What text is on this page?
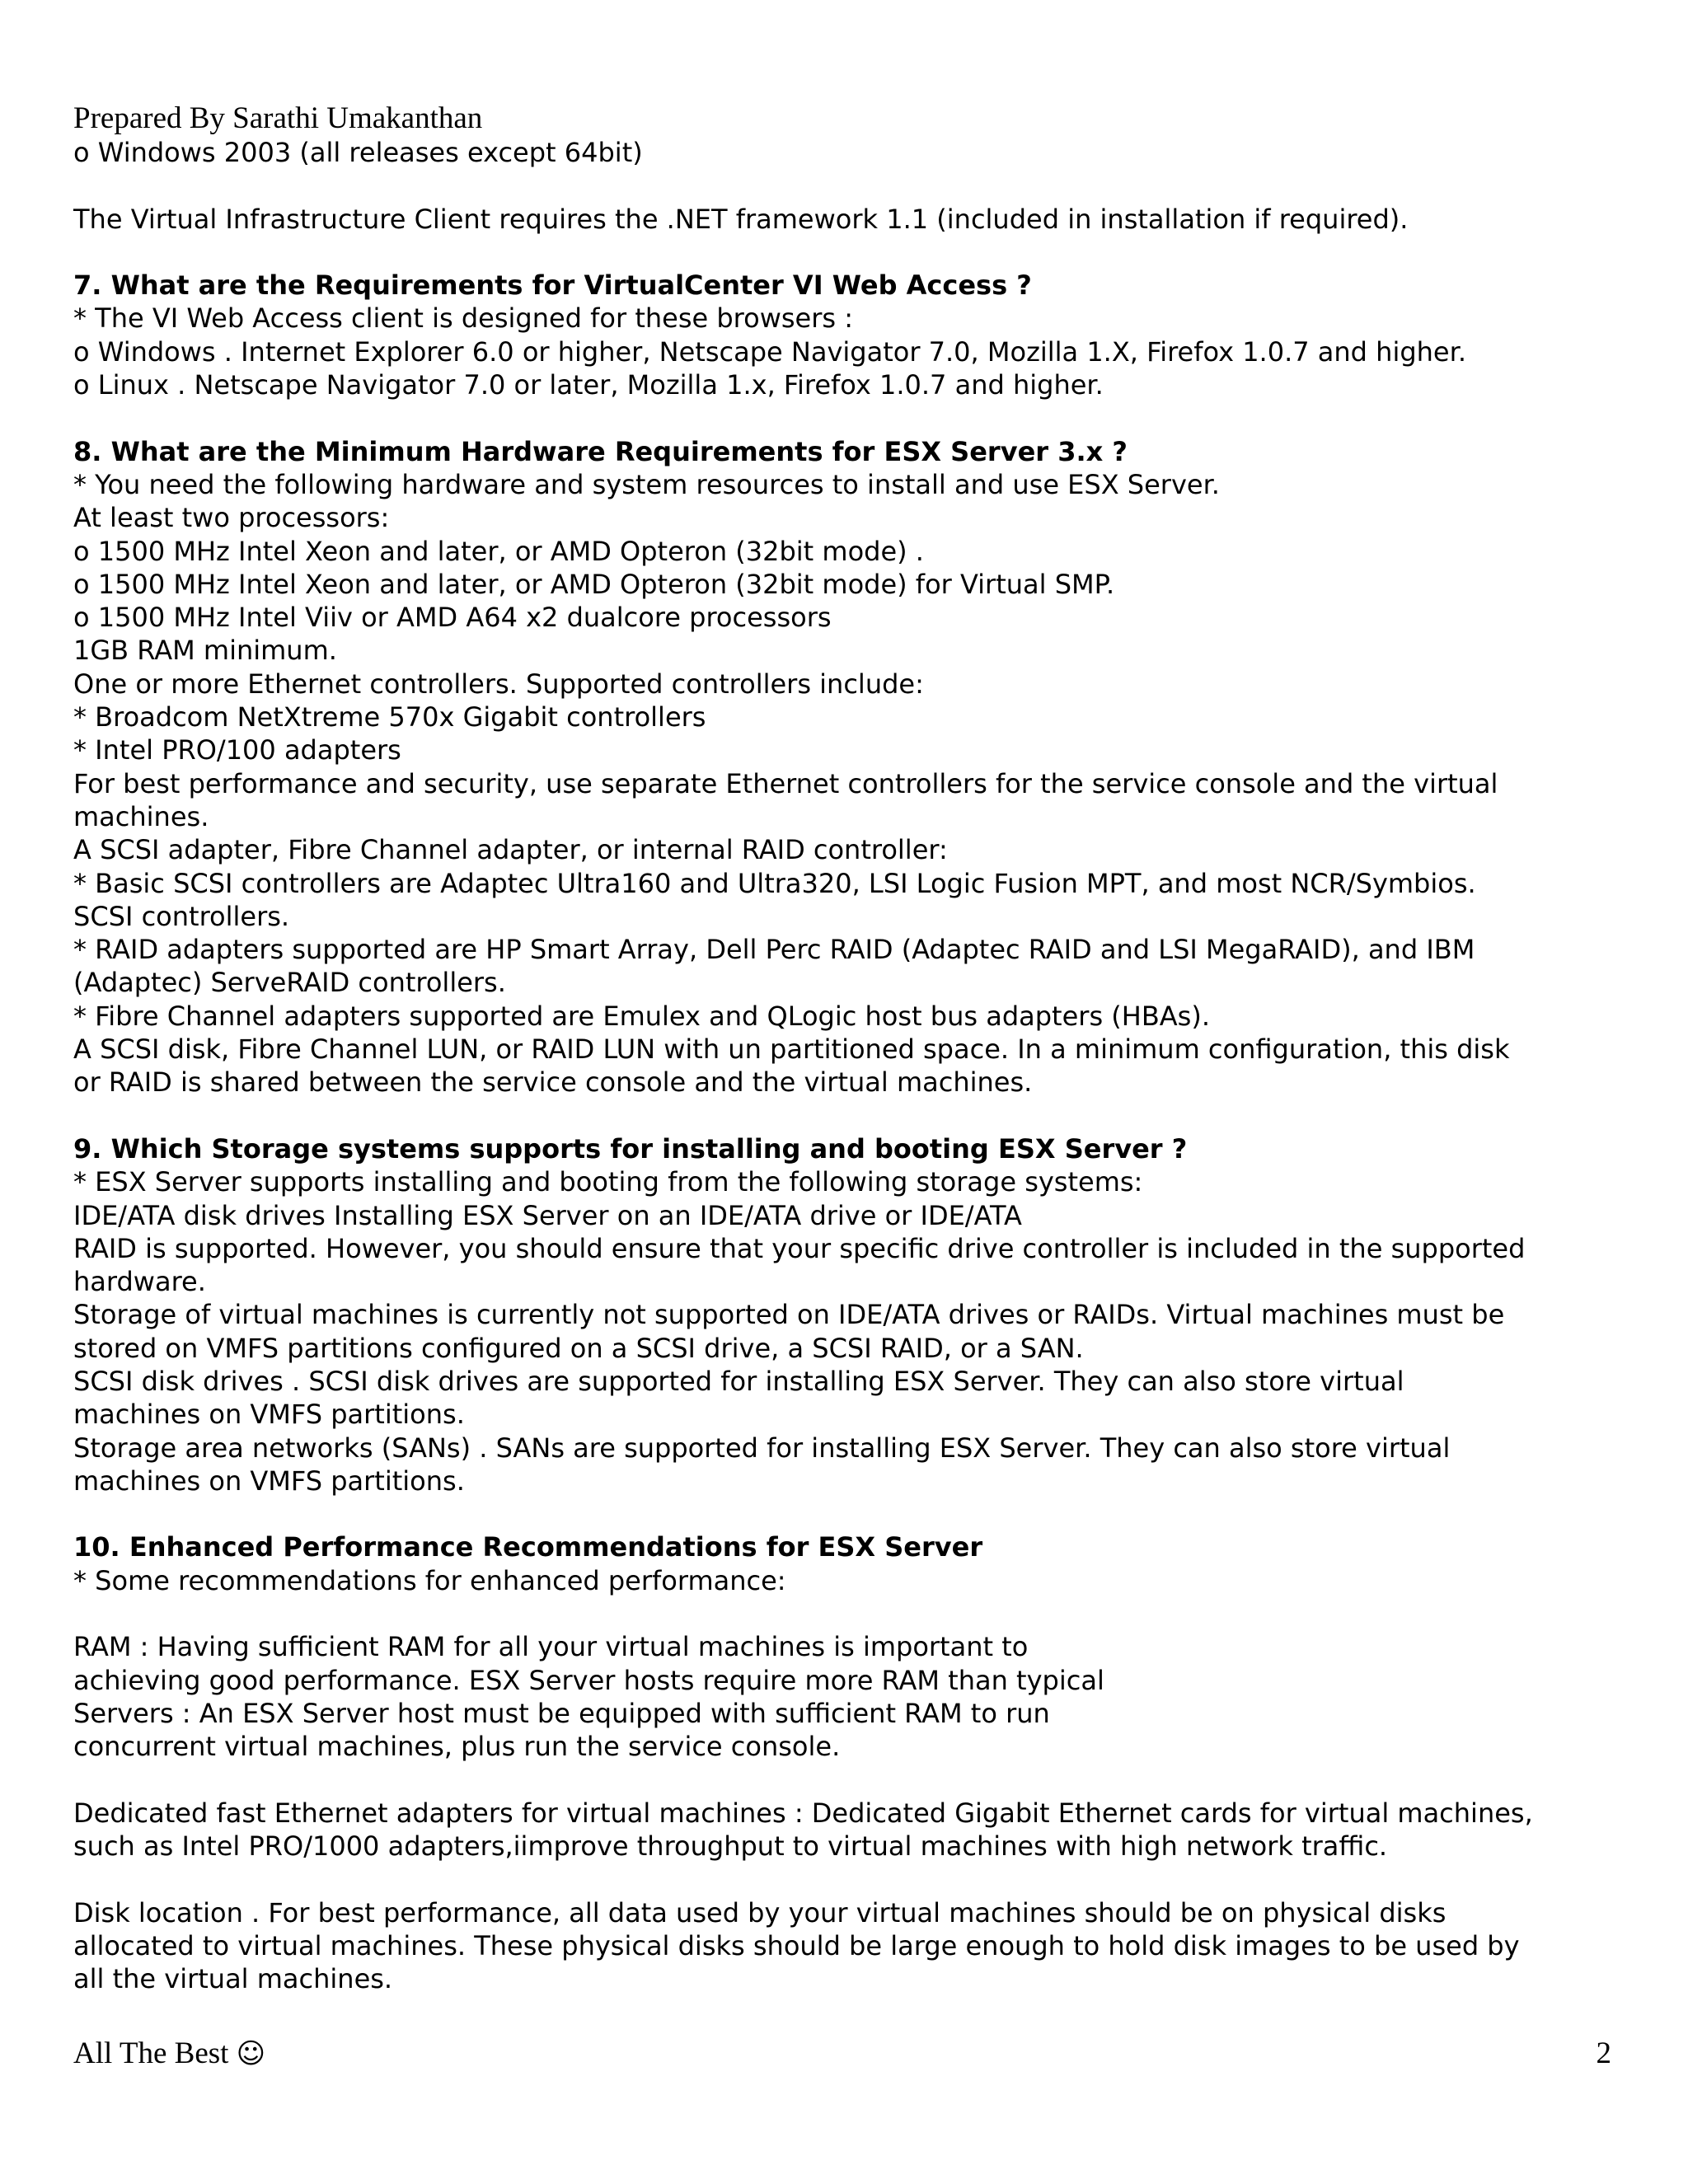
Prepared By Sarathi Umakanthan
o Windows 2003 (all releases except 64bit)
The Virtual Infrastructure Client requires the .NET framework 1.1 (included in installation if required).
7. What are the Requirements for VirtualCenter VI Web Access ?
* The VI Web Access client is designed for these browsers :
o Windows . Internet Explorer 6.0 or higher, Netscape Navigator 7.0, Mozilla 1.X, Firefox 1.0.7 and higher.
o Linux . Netscape Navigator 7.0 or later, Mozilla 1.x, Firefox 1.0.7 and higher.
8. What are the Minimum Hardware Requirements for ESX Server 3.x ?
* You need the following hardware and system resources to install and use ESX Server.
At least two processors:
o 1500 MHz Intel Xeon and later, or AMD Opteron (32bit mode) .
o 1500 MHz Intel Xeon and later, or AMD Opteron (32bit mode) for Virtual SMP.
o 1500 MHz Intel Viiv or AMD A64 x2 dualcore processors
1GB RAM minimum.
One or more Ethernet controllers. Supported controllers include:
* Broadcom NetXtreme 570x Gigabit controllers
* Intel PRO/100 adapters
For best performance and security, use separate Ethernet controllers for the service console and the virtual
machines.
A SCSI adapter, Fibre Channel adapter, or internal RAID controller:
* Basic SCSI controllers are Adaptec Ultra160 and Ultra320, LSI Logic Fusion MPT, and most NCR/Symbios.
SCSI controllers.
* RAID adapters supported are HP Smart Array, Dell Perc RAID (Adaptec RAID and LSI MegaRAID), and IBM
(Adaptec) ServeRAID controllers.
* Fibre Channel adapters supported are Emulex and QLogic host bus adapters (HBAs).
A SCSI disk, Fibre Channel LUN, or RAID LUN with un partitioned space. In a minimum configuration, this disk
or RAID is shared between the service console and the virtual machines.
9. Which Storage systems supports for installing and booting ESX Server ?
* ESX Server supports installing and booting from the following storage systems:
IDE/ATA disk drives Installing ESX Server on an IDE/ATA drive or IDE/ATA
RAID is supported. However, you should ensure that your specific drive controller is included in the supported
hardware.
Storage of virtual machines is currently not supported on IDE/ATA drives or RAIDs. Virtual machines must be
stored on VMFS partitions configured on a SCSI drive, a SCSI RAID, or a SAN.
SCSI disk drives . SCSI disk drives are supported for installing ESX Server. They can also store virtual
machines on VMFS partitions.
Storage area networks (SANs) . SANs are supported for installing ESX Server. They can also store virtual
machines on VMFS partitions.
10. Enhanced Performance Recommendations for ESX Server
* Some recommendations for enhanced performance:
RAM : Having sufficient RAM for all your virtual machines is important to
achieving good performance. ESX Server hosts require more RAM than typical
Servers : An ESX Server host must be equipped with sufficient RAM to run
concurrent virtual machines, plus run the service console.
Dedicated fast Ethernet adapters for virtual machines : Dedicated Gigabit Ethernet cards for virtual machines,
such as Intel PRO/1000 adapters,iimprove throughput to virtual machines with high network traffic.
Disk location . For best performance, all data used by your virtual machines should be on physical disks
allocated to virtual machines. These physical disks should be large enough to hold disk images to be used by
all the virtual machines.
All The Best ☺	2
